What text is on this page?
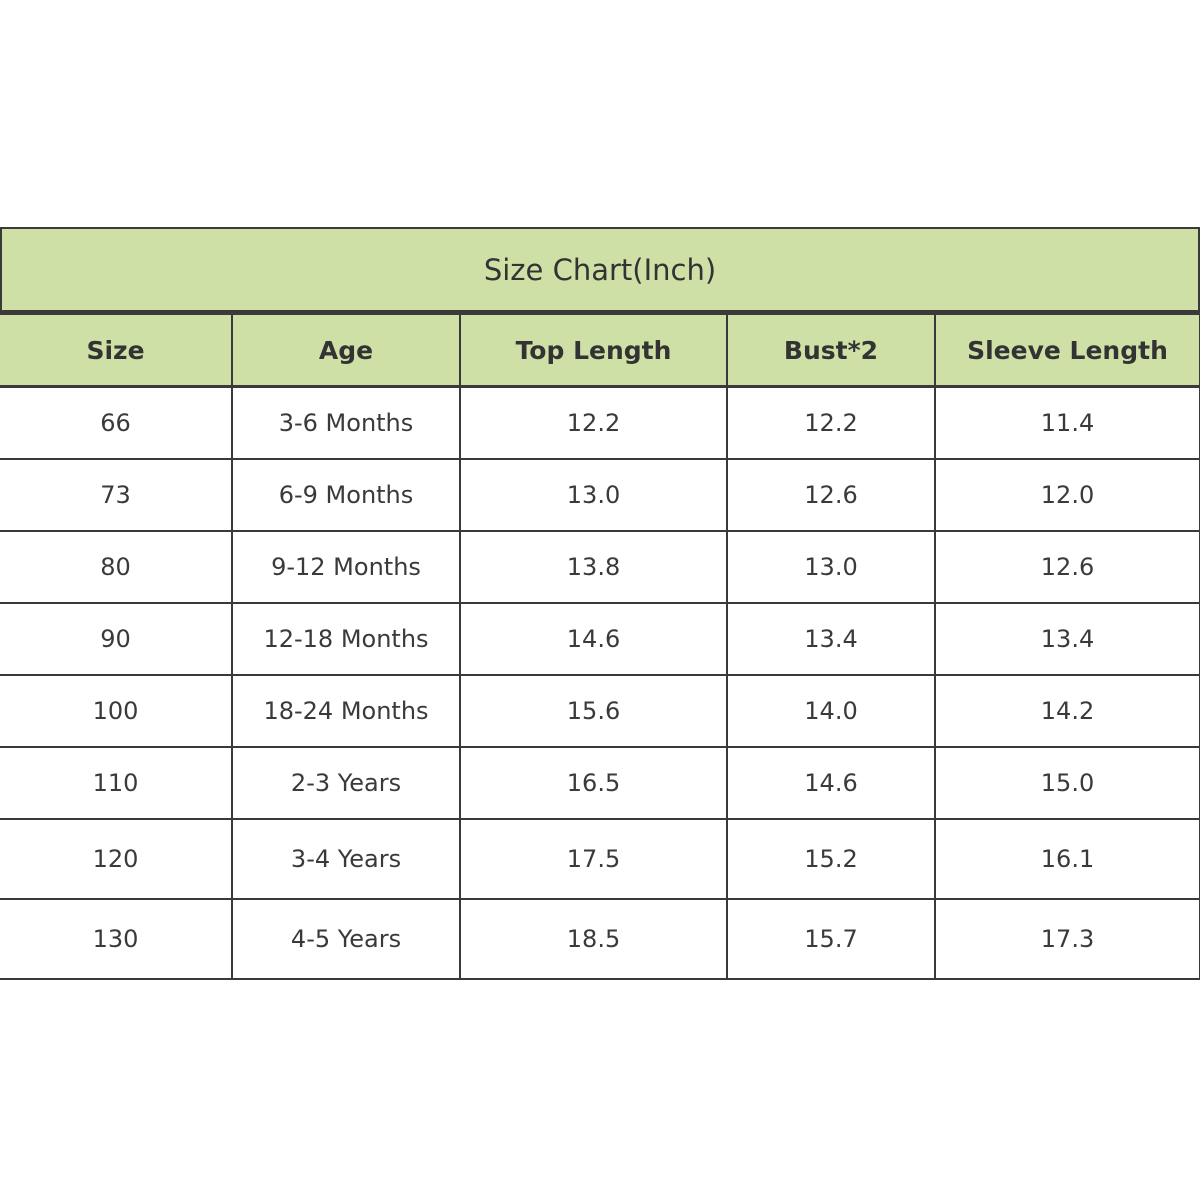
Size Chart(Inch)
Size	Age	Top Length	Bust*2	Sleeve Length
66	3-6 Months	12.2	12.2	11.4
73	6-9 Months	13.0	12.6	12.0
80	9-12 Months	13.8	13.0	12.6
90	12-18 Months	14.6	13.4	13.4
100	18-24 Months	15.6	14.0	14.2
110	2-3 Years	16.5	14.6	15.0
120	3-4 Years	17.5	15.2	16.1
130	4-5 Years	18.5	15.7	17.3
